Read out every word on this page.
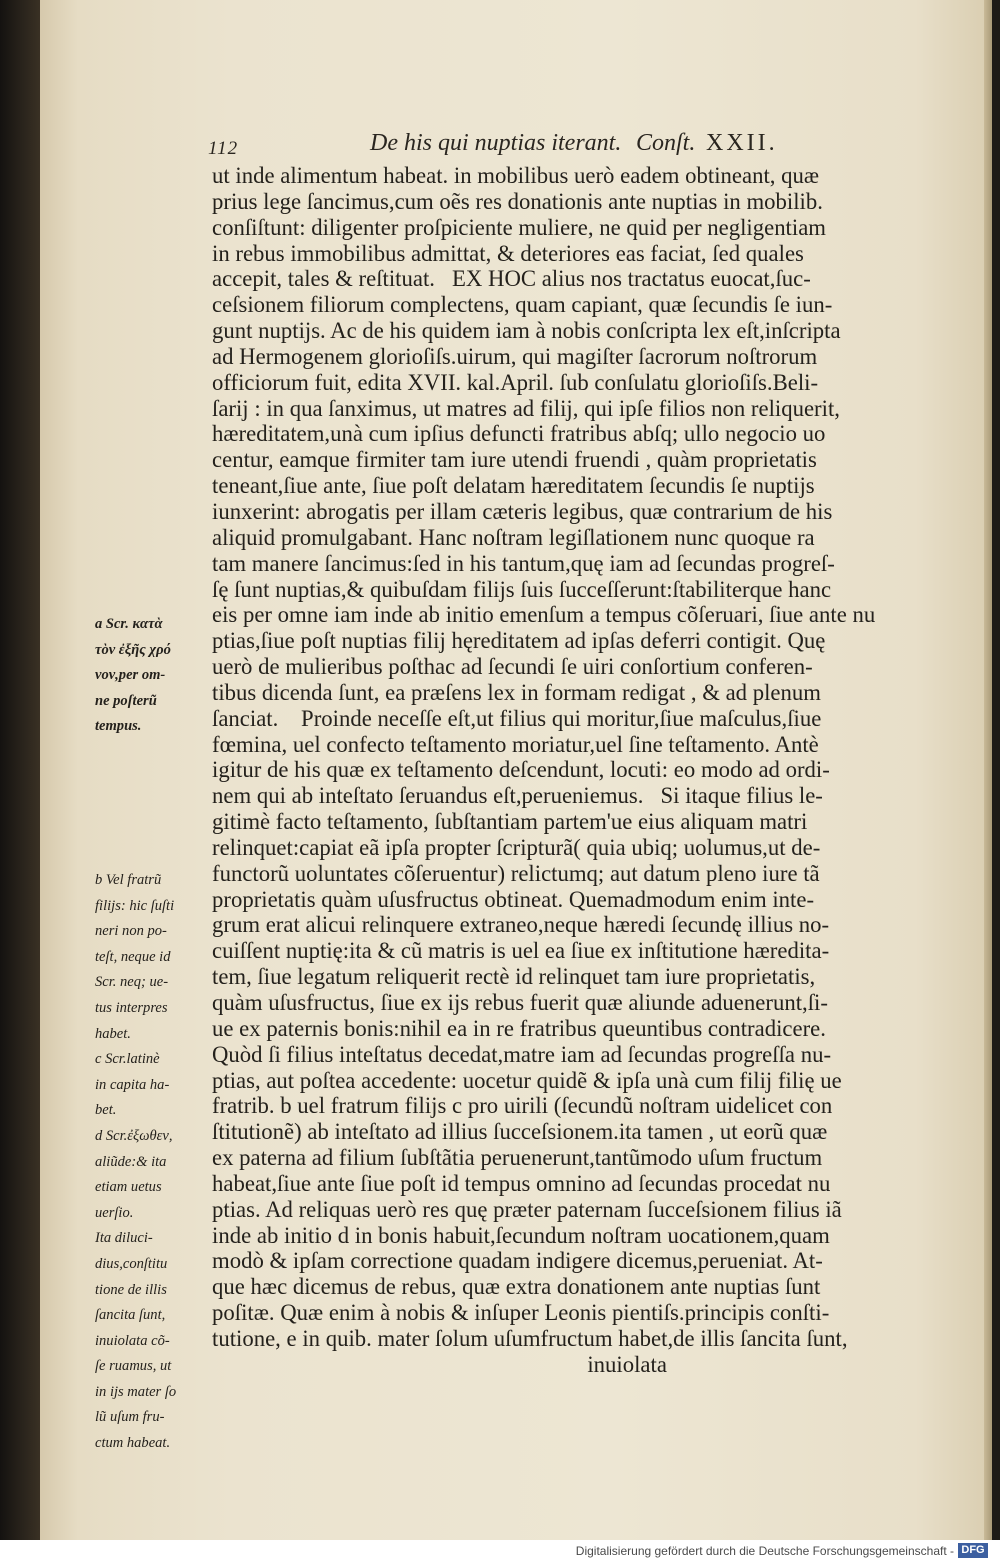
112	De his qui nuptias iterant. Conſt. XXII.
ut inde alimentum habeat. in mobilibus uerò eadem obtineant, quæ
prius lege ſancimus,cum oẽs res donationis ante nuptias in mobilib.
conſiſtunt: diligenter proſpiciente muliere, ne quid per negligentiam
in rebus immobilibus admittat, & deteriores eas faciat, ſed quales
accepit, tales & reſtituat.   EX HOC alius nos tractatus euocat,ſuc-
ceſsionem filiorum complectens, quam capiant, quæ ſecundis ſe iun-
gunt nuptijs. Ac de his quidem iam à nobis conſcripta lex eſt,inſcripta
ad Hermogenem glorioſiſs.uirum, qui magiſter ſacrorum noſtrorum
officiorum fuit, edita XVII. kal.April. ſub conſulatu glorioſiſs.Beli-
ſarij : in qua ſanximus, ut matres ad filij, qui ipſe filios non reliquerit,
hæreditatem,unà cum ipſius defuncti fratribus abſq; ullo negocio uo
centur, eamque firmiter tam iure utendi fruendi , quàm proprietatis
teneant,ſiue ante, ſiue poſt delatam hæreditatem ſecundis ſe nuptijs
iunxerint: abrogatis per illam cæteris legibus, quæ contrarium de his
aliquid promulgabant. Hanc noſtram legiſlationem nunc quoque ra
tam manere ſancimus:ſed in his tantum,quę iam ad ſecundas progreſ-
ſę ſunt nuptias,& quibuſdam filijs ſuis ſucceſſerunt:ſtabiliterque hanc
eis per omne iam inde ab initio emenſum a tempus cõſeruari, ſiue ante nu
ptias,ſiue poſt nuptias filij hęreditatem ad ipſas deferri contigit. Quę
uerò de mulieribus poſthac ad ſecundi ſe uiri conſortium conferen-
tibus dicenda ſunt, ea præſens lex in formam redigat , & ad plenum
ſanciat.    Proinde neceſſe eſt,ut filius qui moritur,ſiue maſculus,ſiue
fœmina, uel confecto teſtamento moriatur,uel ſine teſtamento. Antè
igitur de his quæ ex teſtamento deſcendunt, locuti: eo modo ad ordi-
nem qui ab inteſtato ſeruandus eſt,perueniemus.   Si itaque filius le-
gitimè facto teſtamento, ſubſtantiam partem'ue eius aliquam matri
relinquet:capiat eã ipſa propter ſcripturã( quia ubiq; uolumus,ut de-
functorũ uoluntates cõſeruentur) relictumq; aut datum pleno iure tã
proprietatis quàm uſusfructus obtineat. Quemadmodum enim inte-
grum erat alicui relinquere extraneo,neque hæredi ſecundę illius no-
cuiſſent nuptię:ita & cũ matris is uel ea ſiue ex inſtitutione hæredita-
tem, ſiue legatum reliquerit rectè id relinquet tam iure proprietatis,
quàm uſusfructus, ſiue ex ijs rebus fuerit quæ aliunde aduenerunt,ſi-
ue ex paternis bonis:nihil ea in re fratribus queuntibus contradicere.
Quòd ſi filius inteſtatus decedat,matre iam ad ſecundas progreſſa nu-
ptias, aut poſtea accedente: uocetur quidẽ & ipſa unà cum filij filię ue
fratrib. b uel fratrum filijs c pro uirili (ſecundũ noſtram uidelicet con
ſtitutionẽ) ab inteſtato ad illius ſucceſsionem.ita tamen , ut eorũ quæ
ex paterna ad filium ſubſtãtia peruenerunt,tantũmodo uſum fructum
habeat,ſiue ante ſiue poſt id tempus omnino ad ſecundas procedat nu
ptias. Ad reliquas uerò res quę præter paternam ſucceſsionem filius iã
inde ab initio d in bonis habuit,ſecundum noſtram uocationem,quam
modò & ipſam correctione quadam indigere dicemus,perueniat. At-
que hæc dicemus de rebus, quæ extra donationem ante nuptias ſunt
poſitæ. Quæ enim à nobis & inſuper Leonis pientiſs.principis conſti-
tutione, e in quib. mater ſolum uſumfructum habet,de illis ſancita ſunt,
inuiolata
a Scr. κατὰ
τὸν ἐξῆς χρό
νον,per om-
ne poſterũ
tempus.
b Vel fratrũ
filijs: hic ſuſti
neri non po-
teſt, neque id
Scr. neq; ue-
tus interpres
habet.
c Scr.latinè
in capita ha-
bet.
d Scr.ἐξωθεν,
aliũde:& ita
etiam uetus
uerſio.
Ita diluci-
dius,conſtitu
tione de illis
ſancita ſunt,
inuiolata cõ-
ſe ruamus, ut
in ijs mater ſo
lũ uſum fru-
ctum habeat.
Digitalisierung gefördert durch die Deutsche Forschungsgemeinschaft - DFG
